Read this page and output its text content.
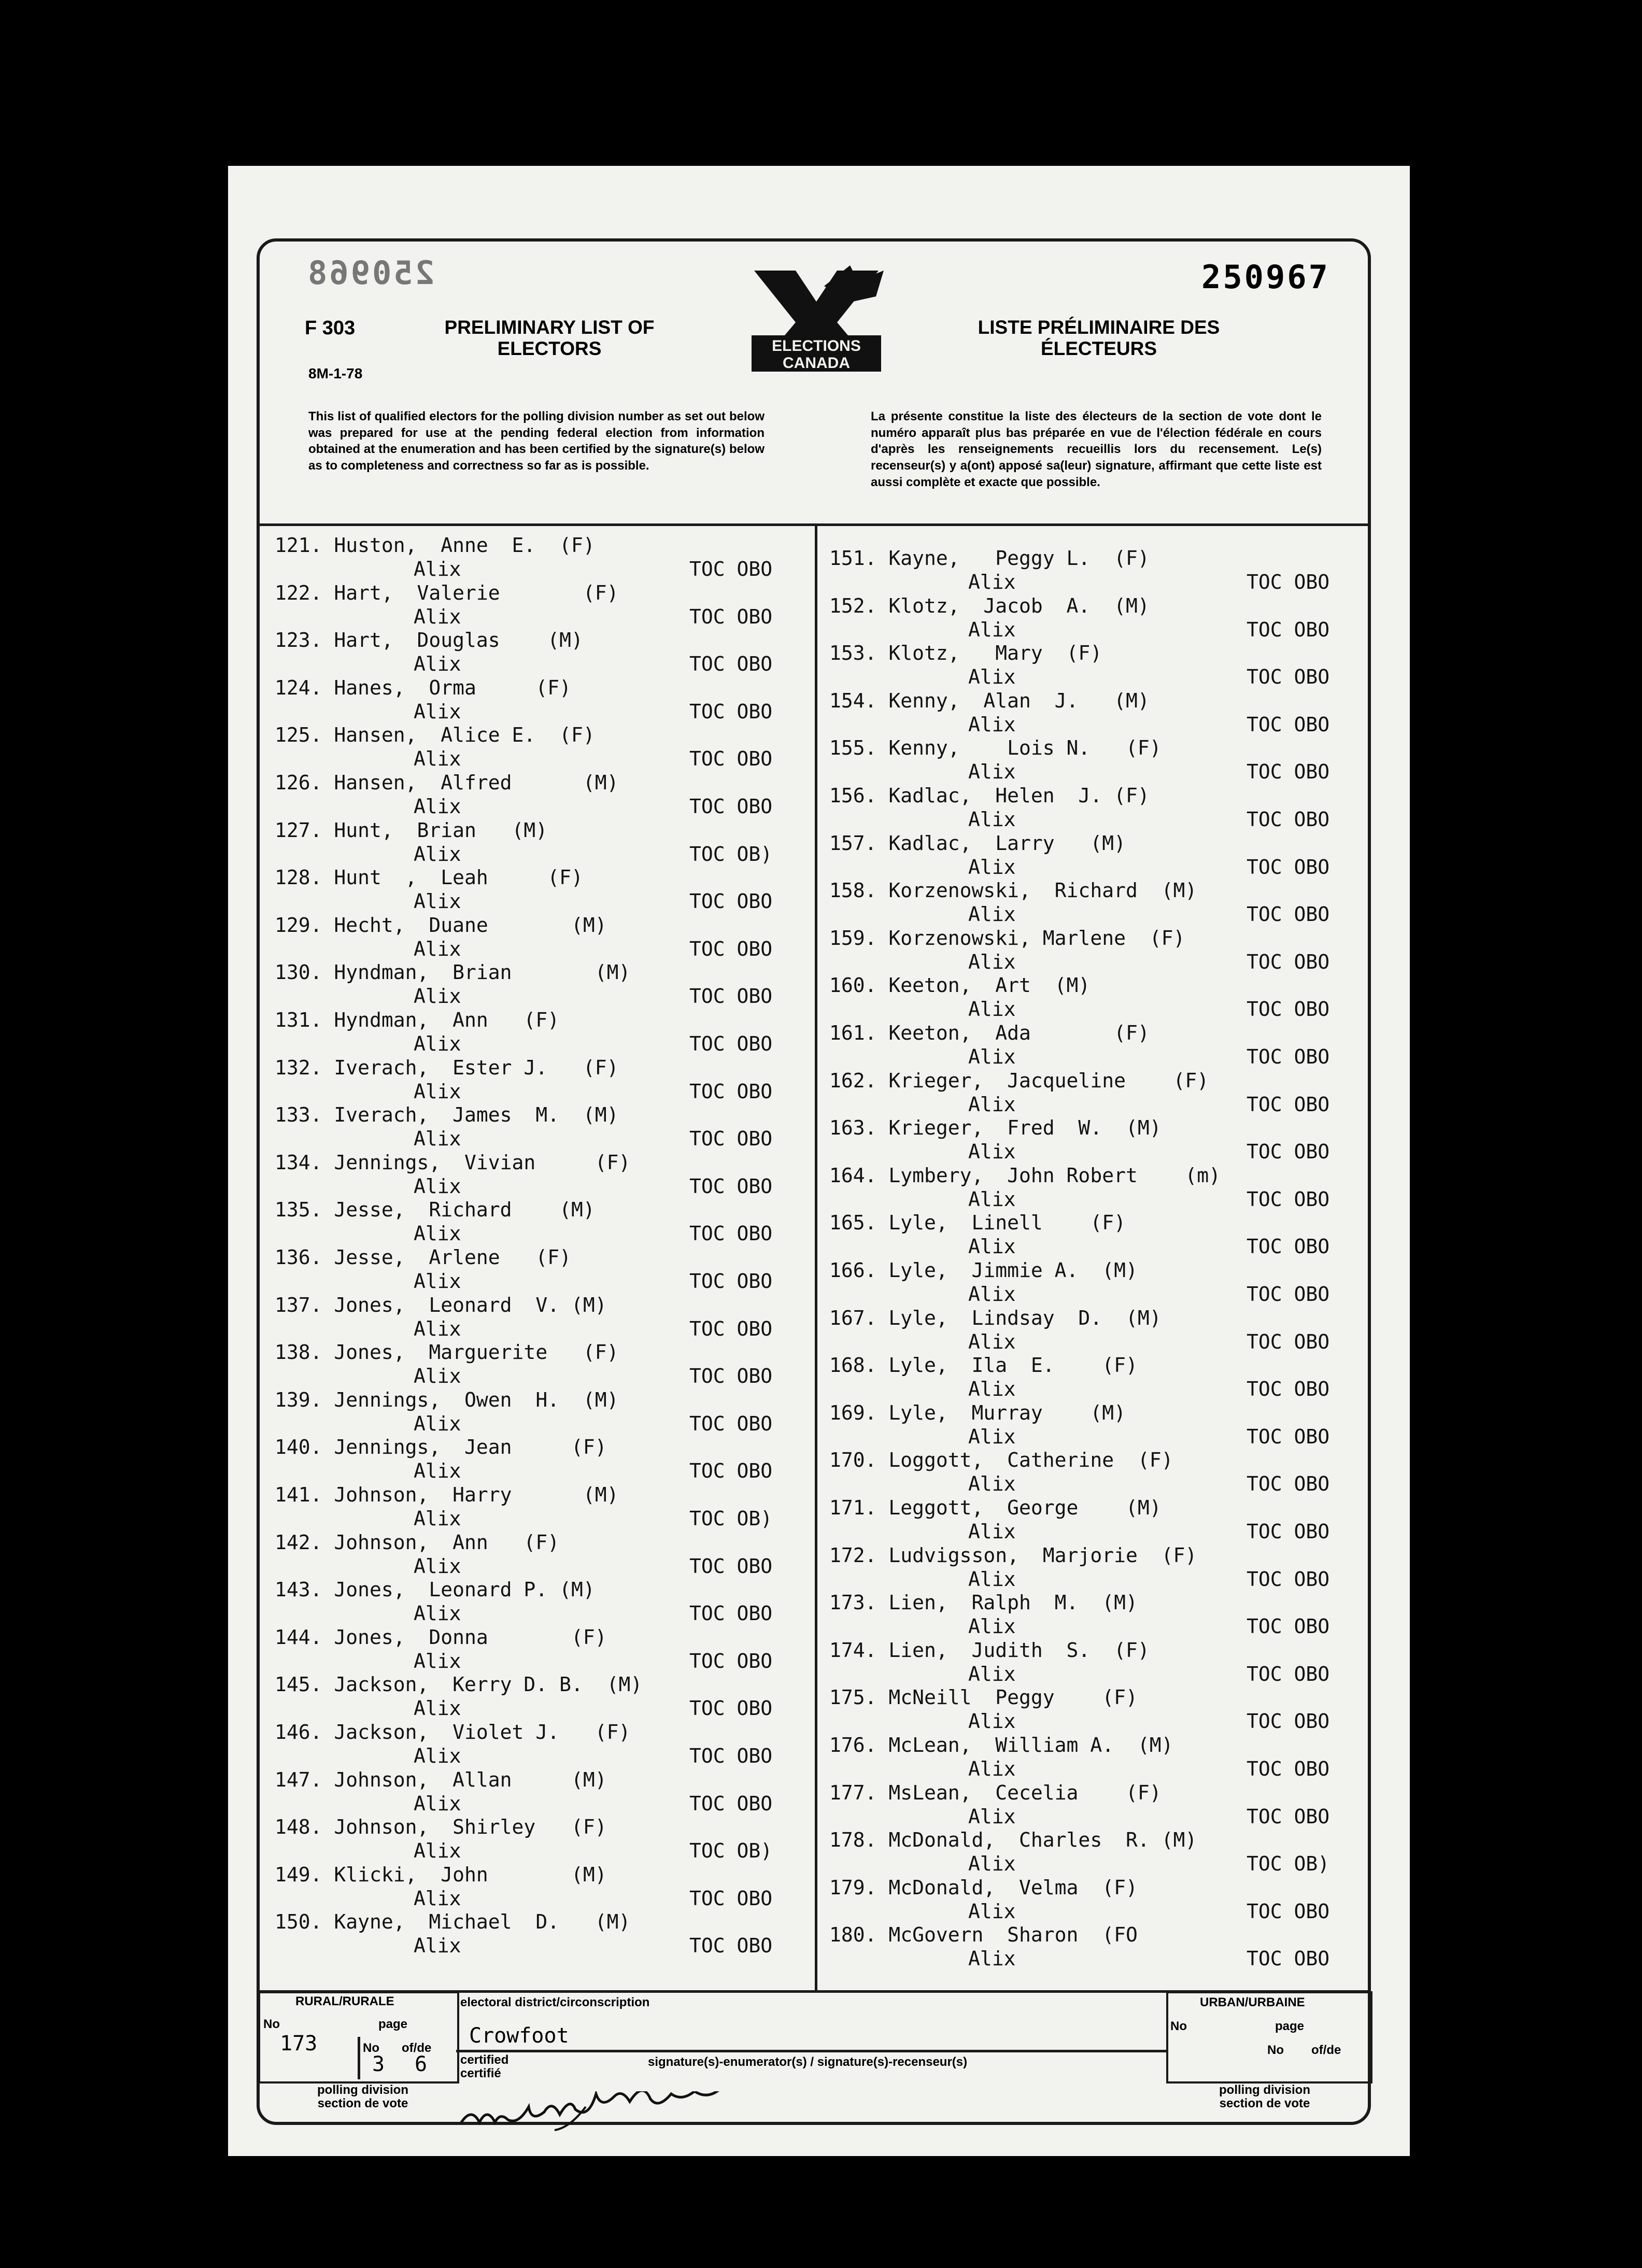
250968	250967
F 303
8M-1-78
PRELIMINARY LIST OF ELECTORS
LISTE PRÉLIMINAIRE DES ÉLECTEURS
ELECTIONS
CANADA
This list of qualified electors for the polling division number as set out below was prepared for use at the pending federal election from information obtained at the enumeration and has been certified by the signature(s) below as to completeness and correctness so far as is possible.
La présente constitue la liste des électeurs de la section de vote dont le numéro apparaît plus bas préparée en vue de l'élection fédérale en cours d'après les renseignements recueillis lors du recensement. Le(s) recenseur(s) y a(ont) apposé sa(leur) signature, affirmant que cette liste est aussi complète et exacte que possible.
121. Huston,  Anne  E.  (F)
Alix	TOC OBO
122. Hart,  Valerie       (F)
Alix	TOC OBO
123. Hart,  Douglas    (M)
Alix	TOC OBO
124. Hanes,  Orma     (F)
Alix	TOC OBO
125. Hansen,  Alice E.  (F)
Alix	TOC OBO
126. Hansen,  Alfred      (M)
Alix	TOC OBO
127. Hunt,  Brian   (M)
Alix	TOC OB)
128. Hunt  ,  Leah     (F)
Alix	TOC OBO
129. Hecht,  Duane       (M)
Alix	TOC OBO
130. Hyndman,  Brian       (M)
Alix	TOC OBO
131. Hyndman,  Ann   (F)
Alix	TOC OBO
132. Iverach,  Ester J.   (F)
Alix	TOC OBO
133. Iverach,  James  M.  (M)
Alix	TOC OBO
134. Jennings,  Vivian     (F)
Alix	TOC OBO
135. Jesse,  Richard    (M)
Alix	TOC OBO
136. Jesse,  Arlene   (F)
Alix	TOC OBO
137. Jones,  Leonard  V. (M)
Alix	TOC OBO
138. Jones,  Marguerite   (F)
Alix	TOC OBO
139. Jennings,  Owen  H.  (M)
Alix	TOC OBO
140. Jennings,  Jean     (F)
Alix	TOC OBO
141. Johnson,  Harry      (M)
Alix	TOC OB)
142. Johnson,  Ann   (F)
Alix	TOC OBO
143. Jones,  Leonard P. (M)
Alix	TOC OBO
144. Jones,  Donna       (F)
Alix	TOC OBO
145. Jackson,  Kerry D. B.  (M)
Alix	TOC OBO
146. Jackson,  Violet J.   (F)
Alix	TOC OBO
147. Johnson,  Allan     (M)
Alix	TOC OBO
148. Johnson,  Shirley   (F)
Alix	TOC OB)
149. Klicki,  John       (M)
Alix	TOC OBO
150. Kayne,  Michael  D.   (M)
Alix	TOC OBO
151. Kayne,   Peggy L.  (F)
Alix	TOC OBO
152. Klotz,  Jacob  A.  (M)
Alix	TOC OBO
153. Klotz,   Mary  (F)
Alix	TOC OBO
154. Kenny,  Alan  J.   (M)
Alix	TOC OBO
155. Kenny,    Lois N.   (F)
Alix	TOC OBO
156. Kadlac,  Helen  J. (F)
Alix	TOC OBO
157. Kadlac,  Larry   (M)
Alix	TOC OBO
158. Korzenowski,  Richard  (M)
Alix	TOC OBO
159. Korzenowski, Marlene  (F)
Alix	TOC OBO
160. Keeton,  Art  (M)
Alix	TOC OBO
161. Keeton,  Ada       (F)
Alix	TOC OBO
162. Krieger,  Jacqueline    (F)
Alix	TOC OBO
163. Krieger,  Fred  W.  (M)
Alix	TOC OBO
164. Lymbery,  John Robert    (m)
Alix	TOC OBO
165. Lyle,  Linell    (F)
Alix	TOC OBO
166. Lyle,  Jimmie A.  (M)
Alix	TOC OBO
167. Lyle,  Lindsay  D.  (M)
Alix	TOC OBO
168. Lyle,  Ila  E.    (F)
Alix	TOC OBO
169. Lyle,  Murray    (M)
Alix	TOC OBO
170. Loggott,  Catherine  (F)
Alix	TOC OBO
171. Leggott,  George    (M)
Alix	TOC OBO
172. Ludvigsson,  Marjorie  (F)
Alix	TOC OBO
173. Lien,  Ralph  M.  (M)
Alix	TOC OBO
174. Lien,  Judith  S.  (F)
Alix	TOC OBO
175. McNeill  Peggy    (F)
Alix	TOC OBO
176. McLean,  William A.  (M)
Alix	TOC OBO
177. MsLean,  Cecelia    (F)
Alix	TOC OBO
178. McDonald,  Charles  R. (M)
Alix	TOC OB)
179. McDonald,  Velma  (F)
Alix	TOC OBO
180. McGovern  Sharon  (FO
Alix	TOC OBO
RURAL/RURALE
No
173
page
No of/de
3 6
electoral district/circonscription
Crowfoot
certified certifié
signature(s)-enumerator(s) / signature(s)-recenseur(s)
URBAN/URBAINE
No	page
No of/de
polling division section de vote
polling division section de vote
